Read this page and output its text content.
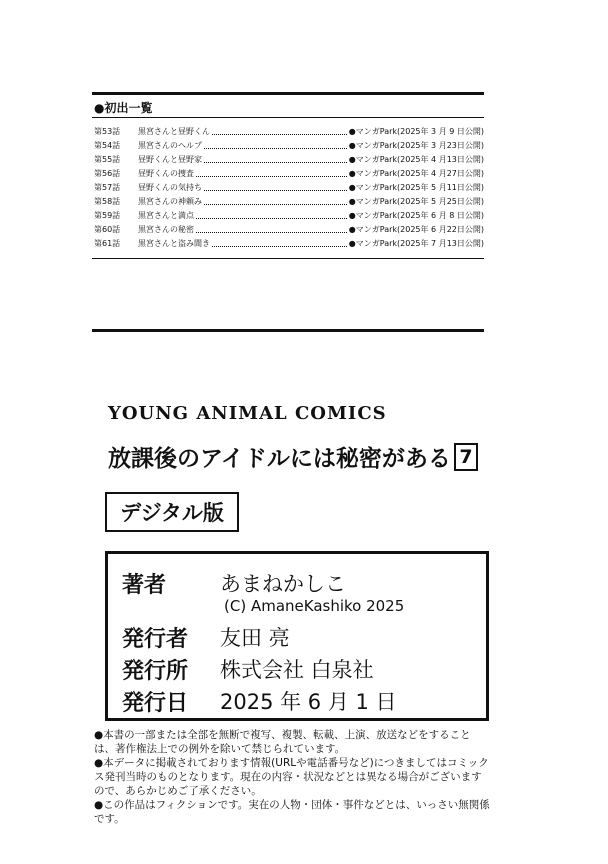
●初出一覧
第53話	黒宮さんと昼野くん	●マンガPark(2025年 3 月 9 日公開)
第54話	黒宮さんのヘルプ	●マンガPark(2025年 3 月23日公開)
第55話	昼野くんと昼野家	●マンガPark(2025年 4 月13日公開)
第56話	昼野くんの捜査	●マンガPark(2025年 4 月27日公開)
第57話	昼野くんの気持ち	●マンガPark(2025年 5 月11日公開)
第58話	黒宮さんの神頼み	●マンガPark(2025年 5 月25日公開)
第59話	黒宮さんと満点	●マンガPark(2025年 6 月 8 日公開)
第60話	黒宮さんの秘密	●マンガPark(2025年 6 月22日公開)
第61話	黒宮さんと盗み聞き	●マンガPark(2025年 7 月13日公開)
YOUNG ANIMAL COMICS
放課後のアイドルには秘密がある 7
デジタル版
著者	あまねかしこ
(C) AmaneKashiko 2025
発行者 友田 亮
発行所 株式会社 白泉社
発行日 2025 年 6 月 1 日

●本書の一部または全部を無断で複写、複製、転載、上演、放送などをすることは、著作権法上での例外を除いて禁じられています。

●本データに掲載されております情報(URLや電話番号など)につきましてはコミックス発刊当時のものとなります。現在の内容・状況などとは異なる場合がございますので、あらかじめご了承ください。

●この作品はフィクションです。実在の人物・団体・事件などとは、いっさい無関係です。
